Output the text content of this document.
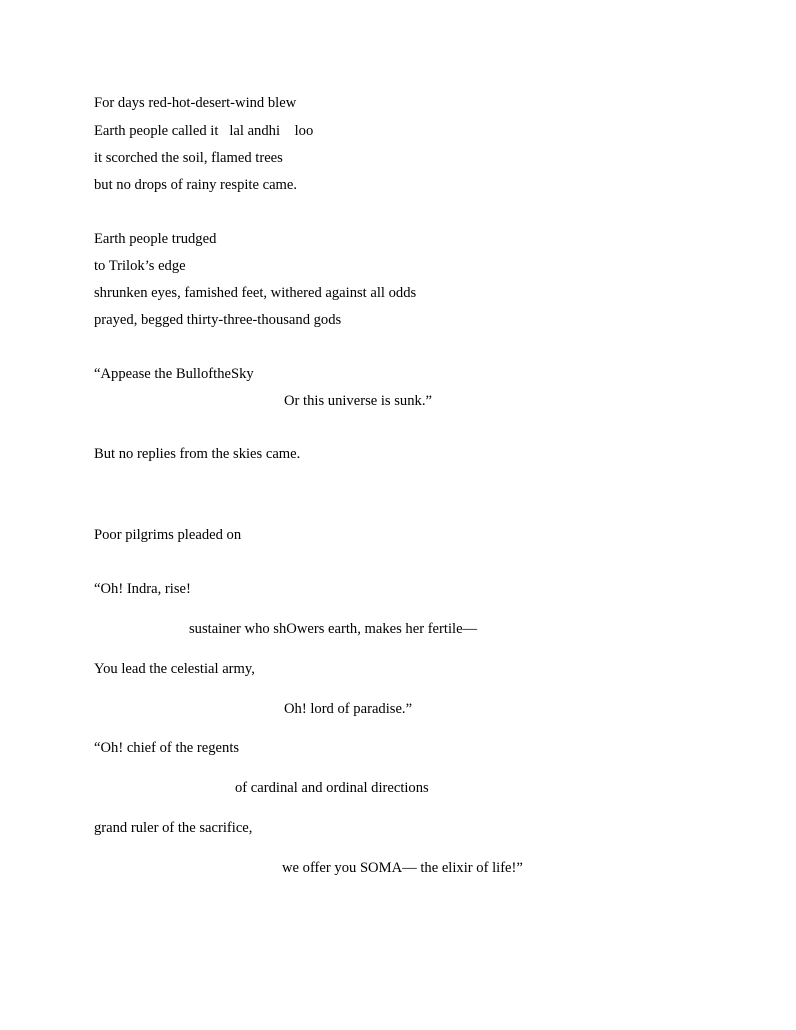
For days red-hot-desert-wind blew

Earth people called it   lal andhi    loo

it scorched the soil, flamed trees

but no drops of rainy respite came.

Earth people trudged

to Trilok’s edge

shrunken eyes, famished feet, withered against all odds

prayed, begged thirty-three-thousand gods

“Appease the BulloftheSky

Or this universe is sunk.”

But no replies from the skies came.

Poor pilgrims pleaded on

“Oh! Indra, rise!

sustainer who shOwers earth, makes her fertile—

You lead the celestial army,

Oh! lord of paradise.”

“Oh! chief of the regents

of cardinal and ordinal directions

grand ruler of the sacrifice,

we offer you SOMA— the elixir of life!”
